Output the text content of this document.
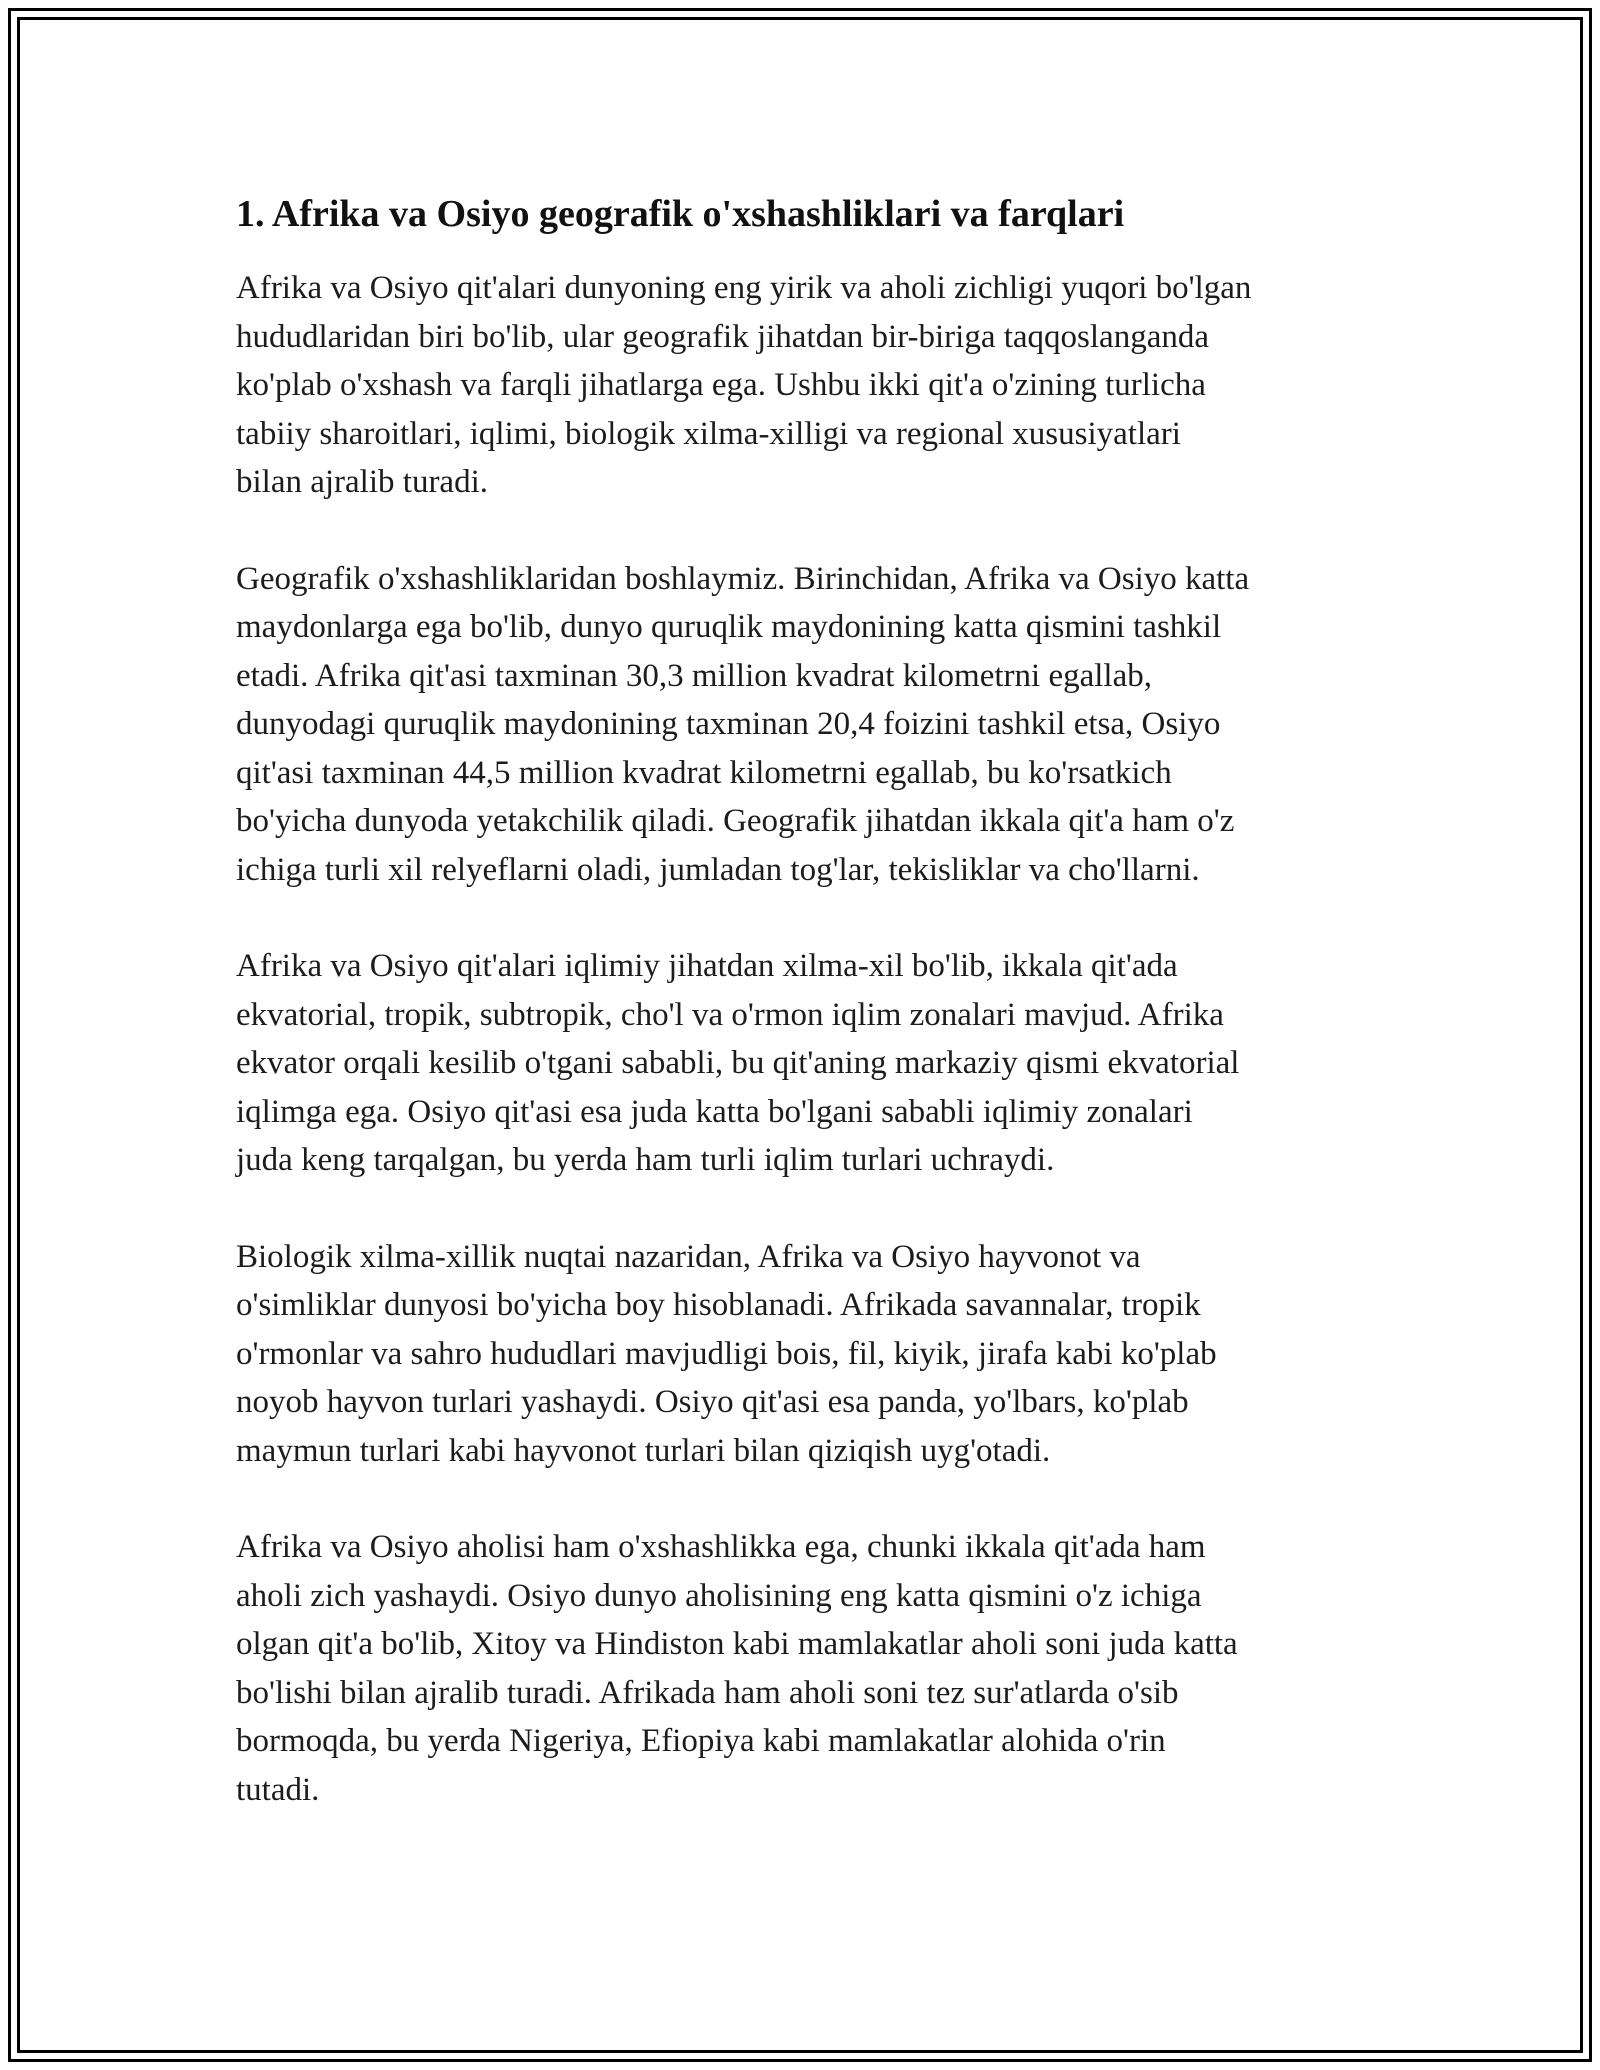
1. Afrika va Osiyo geografik o'xshashliklari va farqlari

Afrika va Osiyo qit'alari dunyoning eng yirik va aholi zichligi yuqori bo'lgan
hududlaridan biri bo'lib, ular geografik jihatdan bir-biriga taqqoslanganda
ko'plab o'xshash va farqli jihatlarga ega. Ushbu ikki qit'a o'zining turlicha
tabiiy sharoitlari, iqlimi, biologik xilma-xilligi va regional xususiyatlari
bilan ajralib turadi.

Geografik o'xshashliklaridan boshlaymiz. Birinchidan, Afrika va Osiyo katta
maydonlarga ega bo'lib, dunyo quruqlik maydonining katta qismini tashkil
etadi. Afrika qit'asi taxminan 30,3 million kvadrat kilometrni egallab,
dunyodagi quruqlik maydonining taxminan 20,4 foizini tashkil etsa, Osiyo
qit'asi taxminan 44,5 million kvadrat kilometrni egallab, bu ko'rsatkich
bo'yicha dunyoda yetakchilik qiladi. Geografik jihatdan ikkala qit'a ham o'z
ichiga turli xil relyeflarni oladi, jumladan tog'lar, tekisliklar va cho'llarni.

Afrika va Osiyo qit'alari iqlimiy jihatdan xilma-xil bo'lib, ikkala qit'ada
ekvatorial, tropik, subtropik, cho'l va o'rmon iqlim zonalari mavjud. Afrika
ekvator orqali kesilib o'tgani sababli, bu qit'aning markaziy qismi ekvatorial
iqlimga ega. Osiyo qit'asi esa juda katta bo'lgani sababli iqlimiy zonalari
juda keng tarqalgan, bu yerda ham turli iqlim turlari uchraydi.

Biologik xilma-xillik nuqtai nazaridan, Afrika va Osiyo hayvonot va
o'simliklar dunyosi bo'yicha boy hisoblanadi. Afrikada savannalar, tropik
o'rmonlar va sahro hududlari mavjudligi bois, fil, kiyik, jirafa kabi ko'plab
noyob hayvon turlari yashaydi. Osiyo qit'asi esa panda, yo'lbars, ko'plab
maymun turlari kabi hayvonot turlari bilan qiziqish uyg'otadi.

Afrika va Osiyo aholisi ham o'xshashlikka ega, chunki ikkala qit'ada ham
aholi zich yashaydi. Osiyo dunyo aholisining eng katta qismini o'z ichiga
olgan qit'a bo'lib, Xitoy va Hindiston kabi mamlakatlar aholi soni juda katta
bo'lishi bilan ajralib turadi. Afrikada ham aholi soni tez sur'atlarda o'sib
bormoqda, bu yerda Nigeriya, Efiopiya kabi mamlakatlar alohida o'rin
tutadi.
